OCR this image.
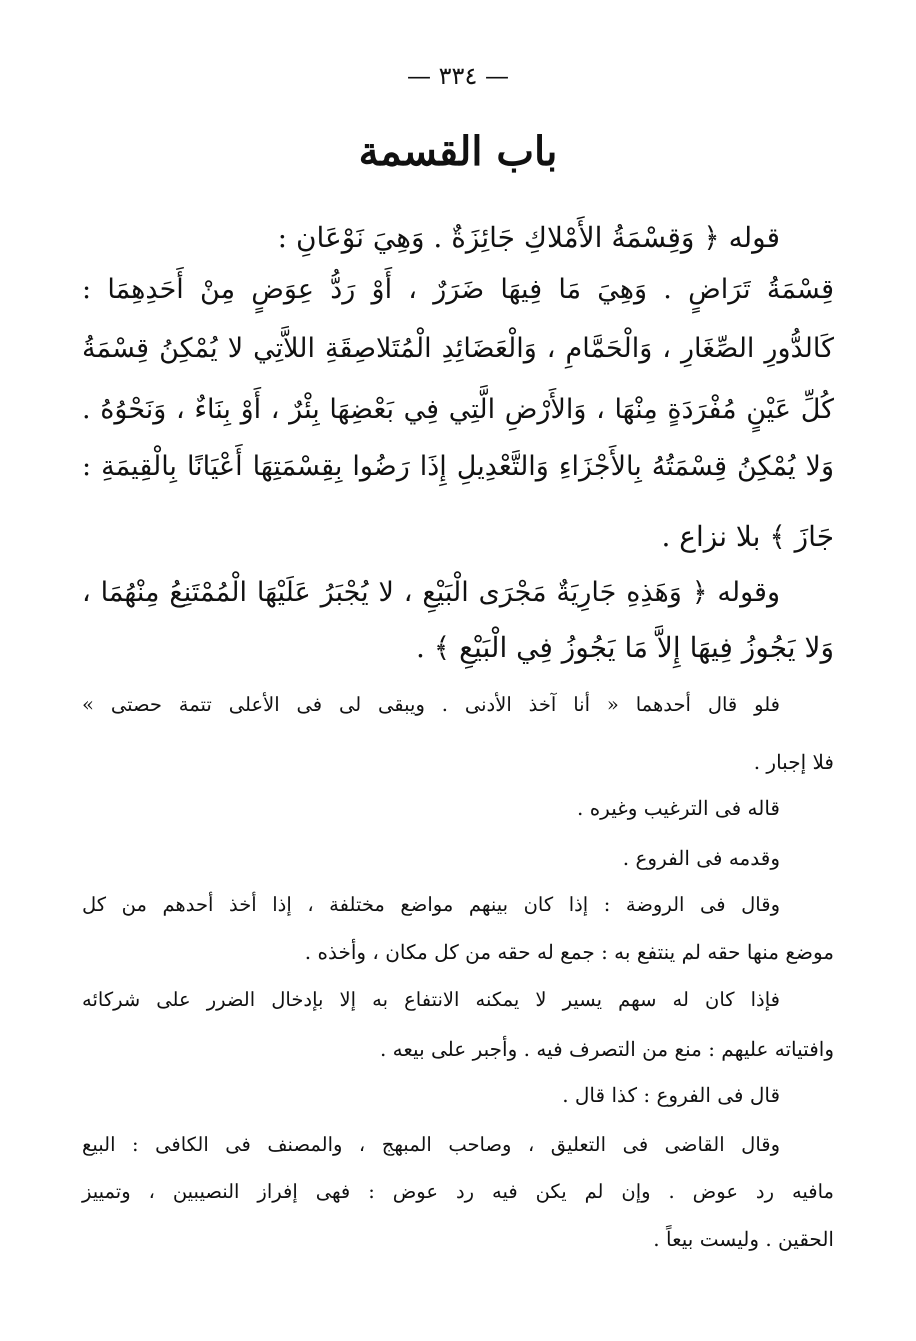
— ٣٣٤ —
باب القسمة
قوله ﴿ وَقِسْمَةُ الأَمْلاكِ جَائِزَةٌ . وَهِيَ نَوْعَانِ :
قِسْمَةُ تَرَاضٍ . وَهِيَ مَا فِيهَا ضَرَرٌ ، أَوْ رَدُّ عِوَضٍ مِنْ أَحَدِهِمَا :
كَالدُّورِ الصِّغَارِ ، وَالْحَمَّامِ ، وَالْعَضَائِدِ الْمُتَلاصِقَةِ اللاَّتِي لا يُمْكِنُ قِسْمَةُ
كُلِّ عَيْنٍ مُفْرَدَةٍ مِنْهَا ، وَالأَرْضِ الَّتِي فِي بَعْضِهَا بِئْرٌ ، أَوْ بِنَاءٌ ، وَنَحْوُهُ .
وَلا يُمْكِنُ قِسْمَتُهُ بِالأَجْزَاءِ وَالتَّعْدِيلِ إِذَا رَضُوا بِقِسْمَتِهَا أَعْيَانًا بِالْقِيمَةِ :
جَازَ ﴾ بلا نزاع .
وقوله ﴿ وَهَذِهِ جَارِيَةٌ مَجْرَى الْبَيْعِ ، لا يُجْبَرُ عَلَيْهَا الْمُمْتَنِعُ مِنْهُمَا ،
وَلا يَجُوزُ فِيهَا إِلاَّ مَا يَجُوزُ فِي الْبَيْعِ ﴾ .
فلو قال أحدهما « أنا آخذ الأدنى . ويبقى لى فى الأعلى تتمة حصتى »
فلا إجبار .
قاله فى الترغيب وغيره .
وقدمه فى الفروع .
وقال فى الروضة : إذا كان بينهم مواضع مختلفة ، إذا أخذ أحدهم من كل
موضع منها حقه لم ينتفع به : جمع له حقه من كل مكان ، وأخذه .
فإذا كان له سهم يسير لا يمكنه الانتفاع به إلا بإدخال الضرر على شركائه
وافتياته عليهم : منع من التصرف فيه . وأجبر على بيعه .
قال فى الفروع : كذا قال .
وقال القاضى فى التعليق ، وصاحب المبهج ، والمصنف فى الكافى : البيع
مافيه رد عوض . وإن لم يكن فيه رد عوض : فهى إفراز النصيبين ، وتمييز
الحقين . وليست بيعاً .
